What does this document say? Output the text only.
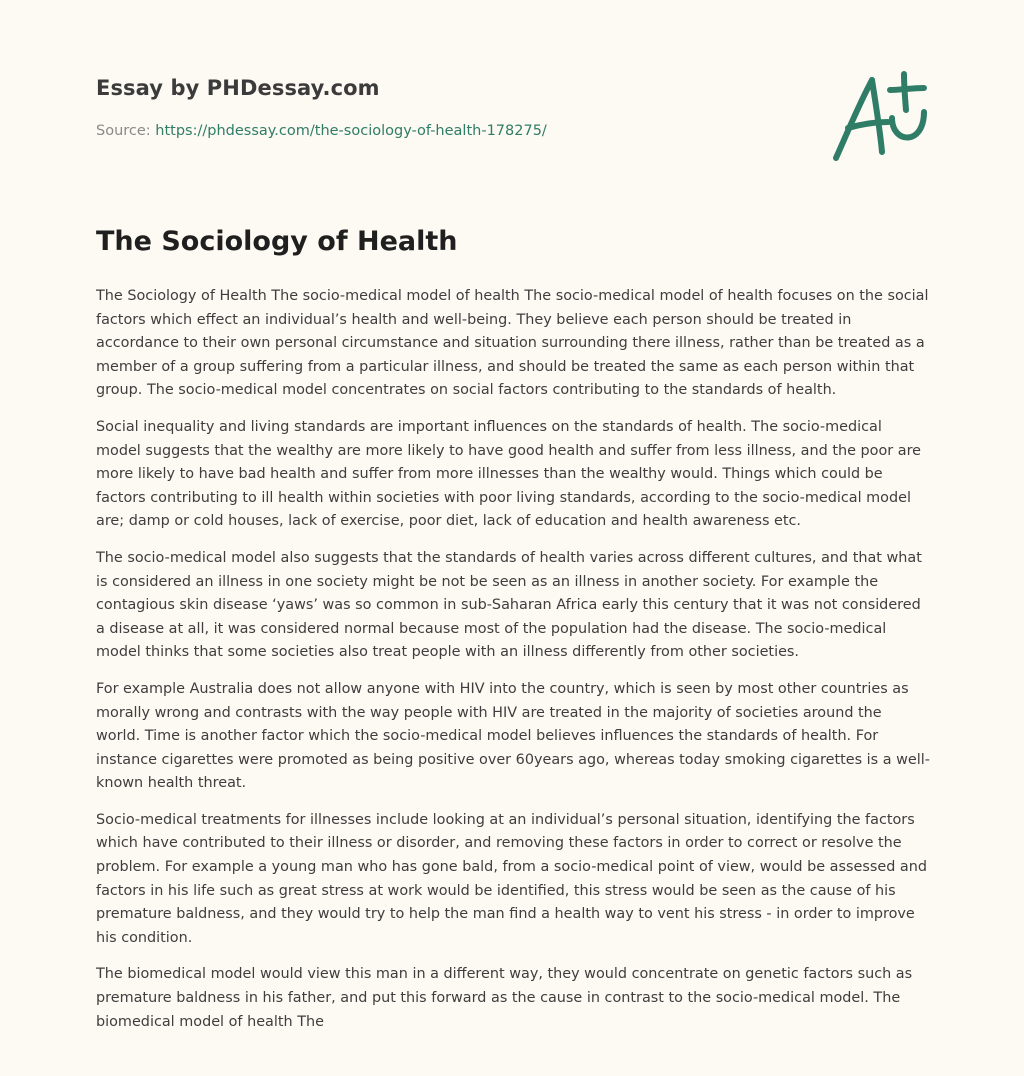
Essay by PHDessay.com
Source: https://phdessay.com/the-sociology-of-health-178275/
The Sociology of Health

The Sociology of Health The socio-medical model of health The socio-medical model of health focuses on the social factors which effect an individual’s health and well-being. They believe each person should be treated in accordance to their own personal circumstance and situation surrounding there illness, rather than be treated as a member of a group suffering from a particular illness, and should be treated the same as each person within that group. The socio-medical model concentrates on social factors contributing to the standards of health.

Social inequality and living standards are important influences on the standards of health. The socio-medical model suggests that the wealthy are more likely to have good health and suffer from less illness, and the poor are more likely to have bad health and suffer from more illnesses than the wealthy would. Things which could be factors contributing to ill health within societies with poor living standards, according to the socio-medical model are; damp or cold houses, lack of exercise, poor diet, lack of education and health awareness etc.

The socio-medical model also suggests that the standards of health varies across different cultures, and that what is considered an illness in one society might be not be seen as an illness in another society. For example the contagious skin disease ‘yaws’ was so common in sub-Saharan Africa early this century that it was not considered a disease at all, it was considered normal because most of the population had the disease. The socio-medical model thinks that some societies also treat people with an illness differently from other societies.

For example Australia does not allow anyone with HIV into the country, which is seen by most other countries as morally wrong and contrasts with the way people with HIV are treated in the majority of societies around the world. Time is another factor which the socio-medical model believes influences the standards of health. For instance cigarettes were promoted as being positive over 60years ago, whereas today smoking cigarettes is a well-known health threat.

Socio-medical treatments for illnesses include looking at an individual’s personal situation, identifying the factors which have contributed to their illness or disorder, and removing these factors in order to correct or resolve the problem. For example a young man who has gone bald, from a socio-medical point of view, would be assessed and factors in his life such as great stress at work would be identified, this stress would be seen as the cause of his premature baldness, and they would try to help the man find a health way to vent his stress - in order to improve his condition.

The biomedical model would view this man in a different way, they would concentrate on genetic factors such as premature baldness in his father, and put this forward as the cause in contrast to the socio-medical model. The biomedical model of health The
